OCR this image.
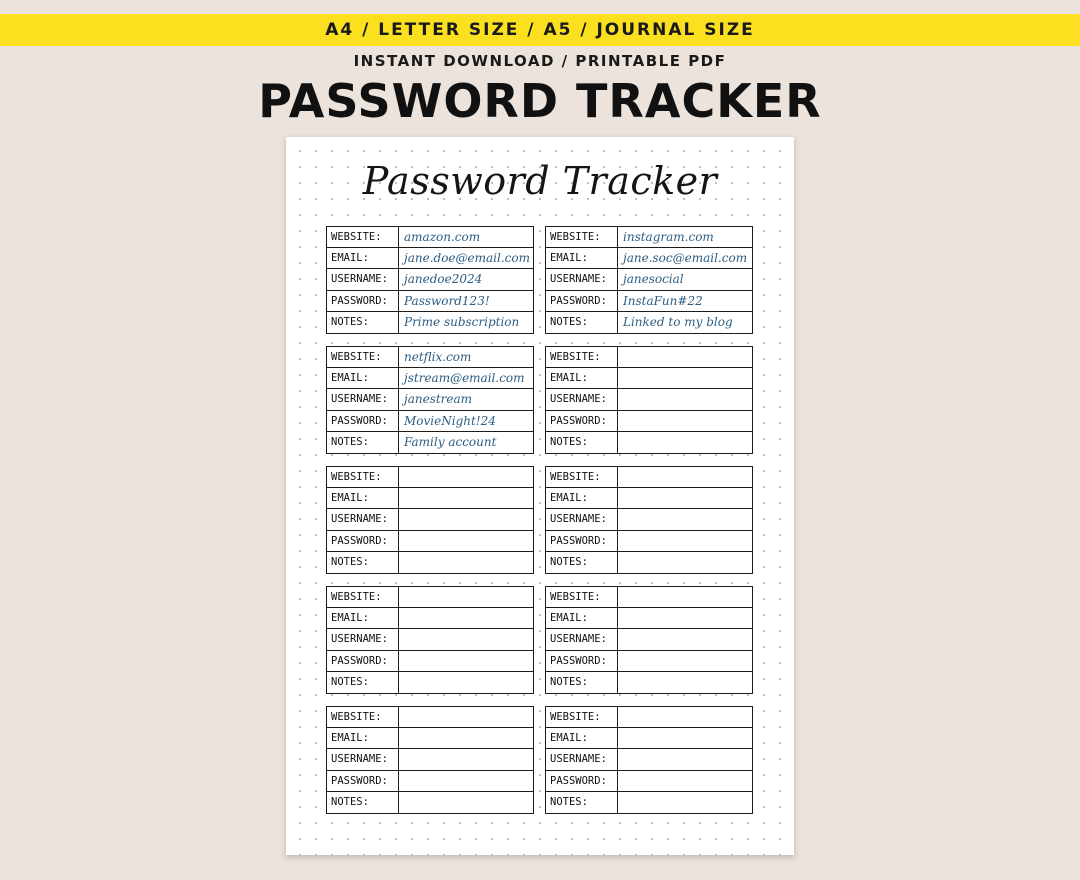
A4 / LETTER SIZE / A5 / JOURNAL SIZE
INSTANT DOWNLOAD / PRINTABLE PDF
PASSWORD TRACKER
Password Tracker
WEBSITE:	amazon.com
EMAIL:	jane.doe@email.com
USERNAME:	janedoe2024
PASSWORD:	Password123!
NOTES:	Prime subscription
WEBSITE:	instagram.com
EMAIL:	jane.soc@email.com
USERNAME:	janesocial
PASSWORD:	InstaFun#22
NOTES:	Linked to my blog
WEBSITE:	netflix.com
EMAIL:	jstream@email.com
USERNAME:	janestream
PASSWORD:	MovieNight!24
NOTES:	Family account
WEBSITE:
EMAIL:
USERNAME:
PASSWORD:
NOTES:
WEBSITE:
EMAIL:
USERNAME:
PASSWORD:
NOTES:
WEBSITE:
EMAIL:
USERNAME:
PASSWORD:
NOTES:
WEBSITE:
EMAIL:
USERNAME:
PASSWORD:
NOTES:
WEBSITE:
EMAIL:
USERNAME:
PASSWORD:
NOTES:
WEBSITE:
EMAIL:
USERNAME:
PASSWORD:
NOTES:
WEBSITE:
EMAIL:
USERNAME:
PASSWORD:
NOTES:
